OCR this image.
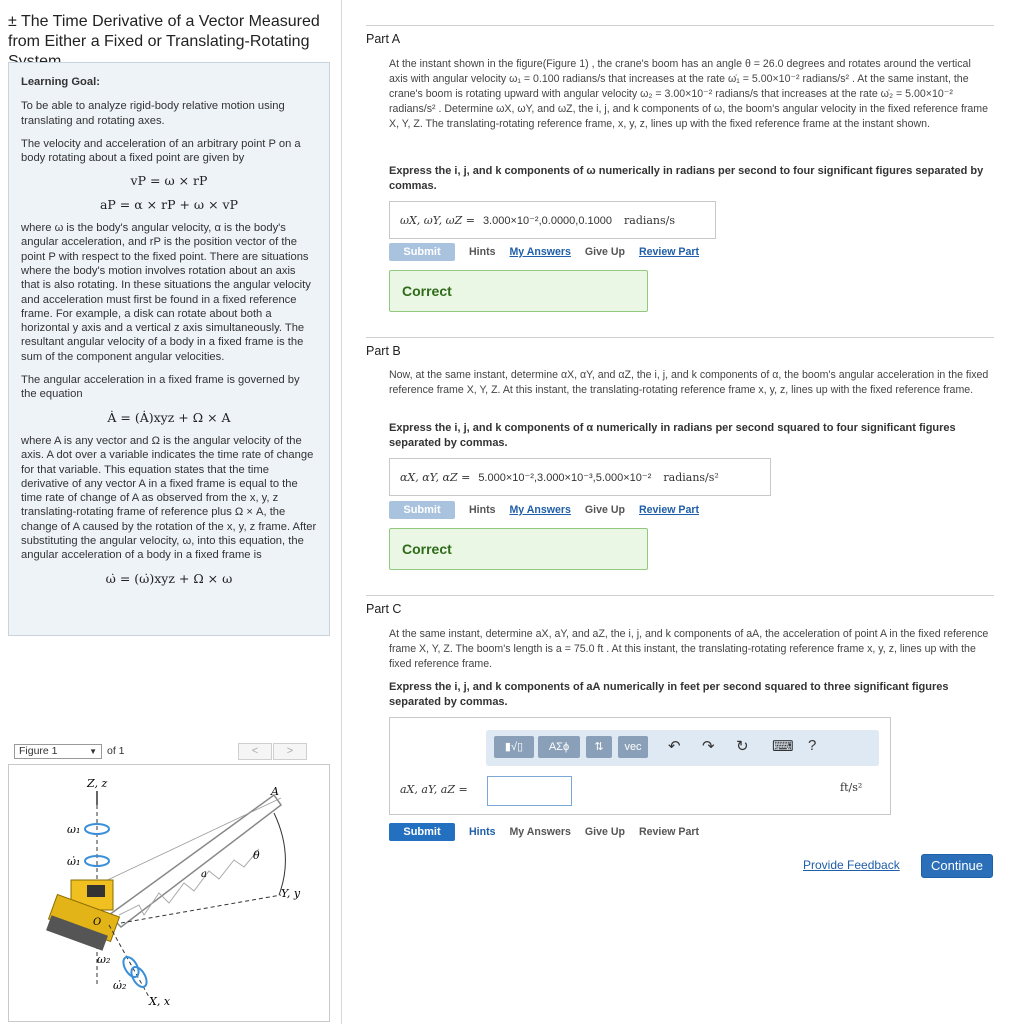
± The Time Derivative of a Vector Measured from Either a Fixed or Translating-Rotating

Learning Goal:

To be able to analyze rigid-body relative motion using translating and rotating axes.

The velocity and acceleration of an arbitrary point P on a body rotating about a fixed point are given by

vP = ω × rP

aP = α × rP + ω × vP

where ω is the body's angular velocity, α is the body's angular acceleration, and rP is the position vector of the point P with respect to the fixed point. There are situations where the body's motion involves rotation about an axis that is also rotating. In these situations the angular velocity and acceleration must first be found in a fixed reference frame. For example, a disk can rotate about both a horizontal y axis and a vertical z axis simultaneously. The resultant angular velocity of a body in a fixed frame is the sum of the component angular velocities.

The angular acceleration in a fixed frame is governed by the equation

Ȧ = (Ȧ)xyz + Ω × A

where A is any vector and Ω is the angular velocity of the axis. A dot over a variable indicates the time rate of change for that variable. This equation states that the time derivative of any vector A in a fixed frame is equal to the time rate of change of A as observed from the x, y, z translating-rotating frame of reference plus Ω × A, the change of A caused by the rotation of the x, y, z frame. After substituting the angular velocity, ω, into this equation, the angular acceleration of a body in a fixed frame is

ω̇ = (ω̇)xyz + Ω × ω

Figure 1	▼ of 1	<	>
Z, z
ω₁
ω̇₁
A
a
θ
Y, y
O
X, x
ω₂
ω̇₂
Part A
At the instant shown in the figure(Figure 1) , the crane's boom has an angle θ = 26.0 degrees and rotates around the vertical axis with angular velocity ω₁ = 0.100 radians/s that increases at the rate ω̇₁ = 5.00×10⁻² radians/s² . At the same instant, the crane's boom is rotating upward with angular velocity ω₂ = 3.00×10⁻² radians/s that increases at the rate ω̇₂ = 5.00×10⁻² radians/s² . Determine ωX, ωY, and ωZ, the i, j, and k components of ω, the boom's angular velocity in the fixed reference frame X, Y, Z. The translating-rotating reference frame, x, y, z, lines up with the fixed reference frame at the instant shown.
Express the i, j, and k components of ω numerically in radians per second to four significant figures separated by commas.
ωX, ωY, ωZ = 3.000×10⁻²,0.0000,0.1000 radians/s
Submit	Hints My Answers Give Up Review Part
Correct
Part B
Now, at the same instant, determine αX, αY, and αZ, the i, j, and k components of α, the boom's angular acceleration in the fixed reference frame X, Y, Z. At this instant, the translating-rotating reference frame x, y, z, lines up with the fixed reference frame.
Express the i, j, and k components of α numerically in radians per second squared to four significant figures separated by commas.
αX, αY, αZ = 5.000×10⁻²,3.000×10⁻³,5.000×10⁻² radians/s²
Submit	Hints My Answers Give Up Review Part
Correct
Part C
At the same instant, determine aX, aY, and aZ, the i, j, and k components of aA, the acceleration of point A in the fixed reference frame X, Y, Z. The boom's length is a = 75.0 ft . At this instant, the translating-rotating reference frame x, y, z, lines up with the fixed reference frame.
Express the i, j, and k components of aA numerically in feet per second squared to three significant figures separated by commas.
▮√▯	ΑΣϕ	⇅	vec	↶ ↷ ↻ ⌨ ?
aX, aY, aZ =	ft/s²
Submit	Hints My Answers Give Up Review Part
Provide Feedback	Continue
